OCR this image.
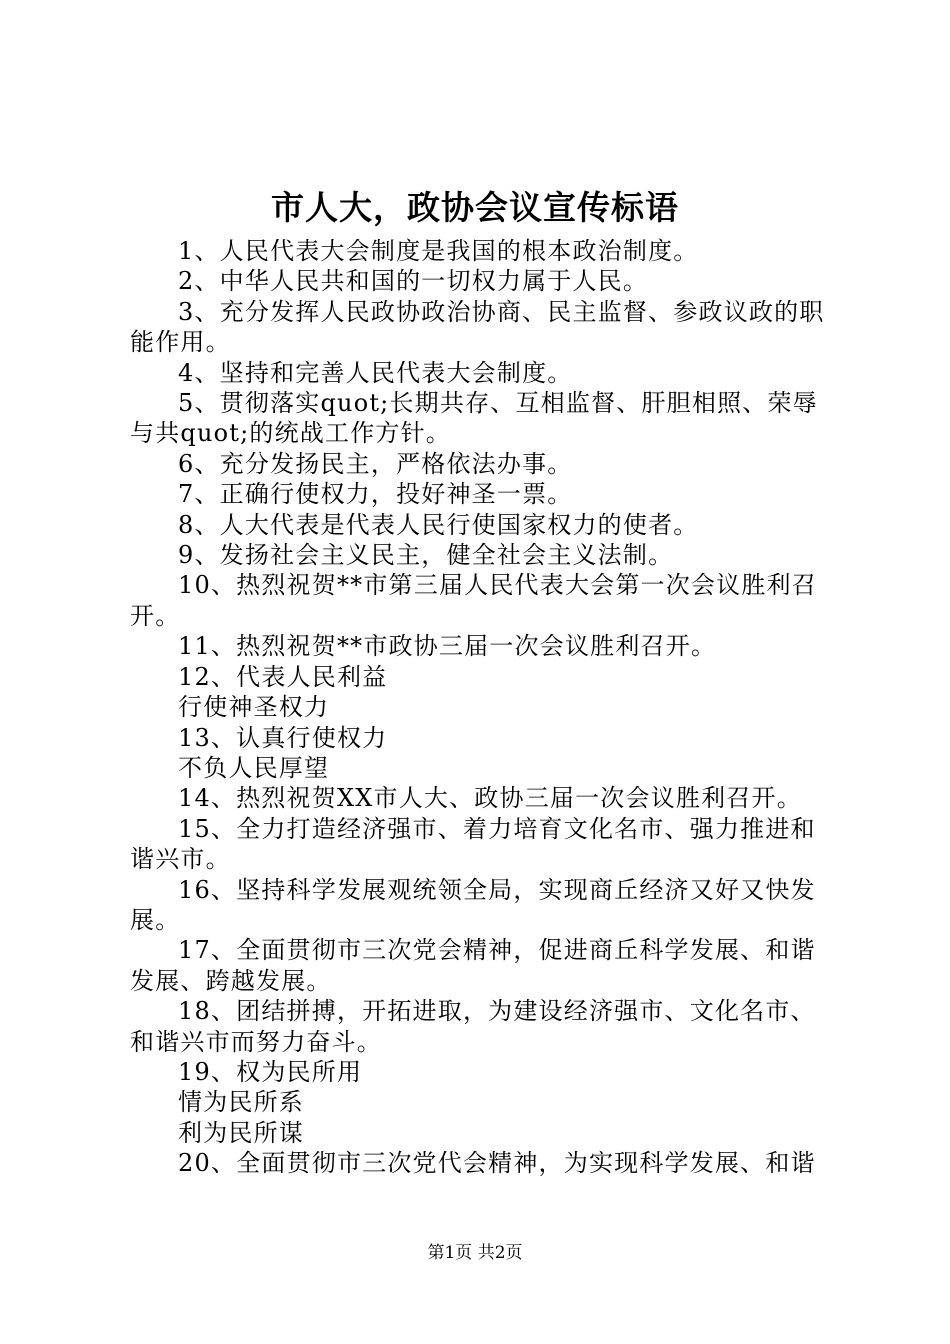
市人大，政协会议宣传标语

1、人民代表大会制度是我国的根本政治制度。

2、中华人民共和国的一切权力属于人民。

3、充分发挥人民政协政治协商、民主监督、参政议政的职能作用。

4、坚持和完善人民代表大会制度。

5、贯彻落实quot;长期共存、互相监督、肝胆相照、荣辱与共quot;的统战工作方针。

6、充分发扬民主，严格依法办事。

7、正确行使权力，投好神圣一票。

8、人大代表是代表人民行使国家权力的使者。

9、发扬社会主义民主，健全社会主义法制。

10、热烈祝贺**市第三届人民代表大会第一次会议胜利召开。

11、热烈祝贺**市政协三届一次会议胜利召开。

12、代表人民利益

行使神圣权力

13、认真行使权力

不负人民厚望

14、热烈祝贺XX市人大、政协三届一次会议胜利召开。

15、全力打造经济强市、着力培育文化名市、强力推进和谐兴市。

16、坚持科学发展观统领全局，实现商丘经济又好又快发展。

17、全面贯彻市三次党会精神，促进商丘科学发展、和谐发展、跨越发展。

18、团结拼搏，开拓进取，为建设经济强市、文化名市、和谐兴市而努力奋斗。

19、权为民所用

情为民所系

利为民所谋

20、全面贯彻市三次党代会精神，为实现科学发展、和谐

第1页 共2页
